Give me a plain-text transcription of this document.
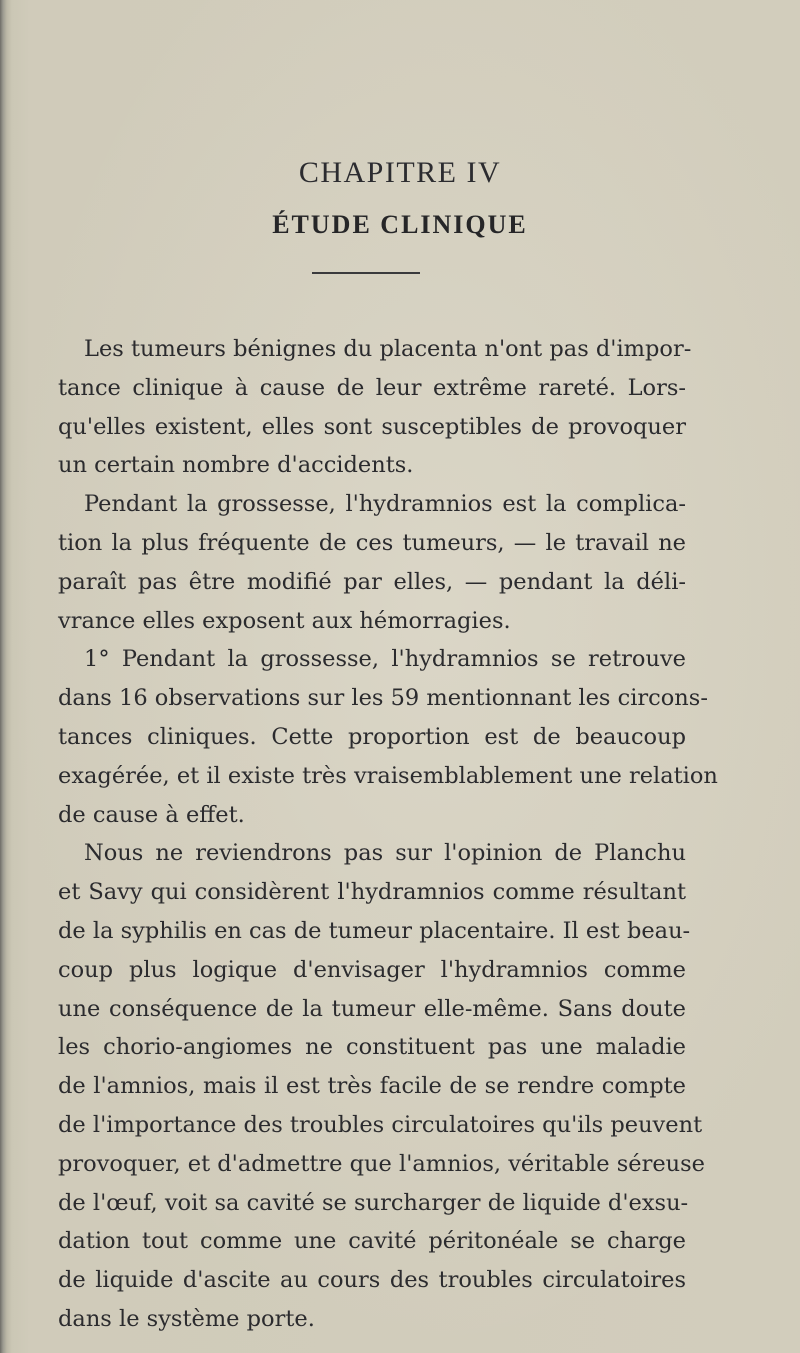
CHAPITRE IV
ÉTUDE CLINIQUE
Les tumeurs bénignes du placenta n'ont pas d'impor-
tance clinique à cause de leur extrême rareté. Lors-
qu'elles existent, elles sont susceptibles de provoquer
un certain nombre d'accidents.
Pendant la grossesse, l'hydramnios est la complica-
tion la plus fréquente de ces tumeurs, — le travail ne
paraît pas être modifié par elles, — pendant la déli-
vrance elles exposent aux hémorragies.
1° Pendant la grossesse, l'hydramnios se retrouve
dans 16 observations sur les 59 mentionnant les circons-
tances cliniques. Cette proportion est de beaucoup
exagérée, et il existe très vraisemblablement une relation
de cause à effet.
Nous ne reviendrons pas sur l'opinion de Planchu
et Savy qui considèrent l'hydramnios comme résultant
de la syphilis en cas de tumeur placentaire. Il est beau-
coup plus logique d'envisager l'hydramnios comme
une conséquence de la tumeur elle-même. Sans doute
les chorio-angiomes ne constituent pas une maladie
de l'amnios, mais il est très facile de se rendre compte
de l'importance des troubles circulatoires qu'ils peuvent
provoquer, et d'admettre que l'amnios, véritable séreuse
de l'œuf, voit sa cavité se surcharger de liquide d'exsu-
dation tout comme une cavité péritonéale se charge
de liquide d'ascite au cours des troubles circulatoires
dans le système porte.
